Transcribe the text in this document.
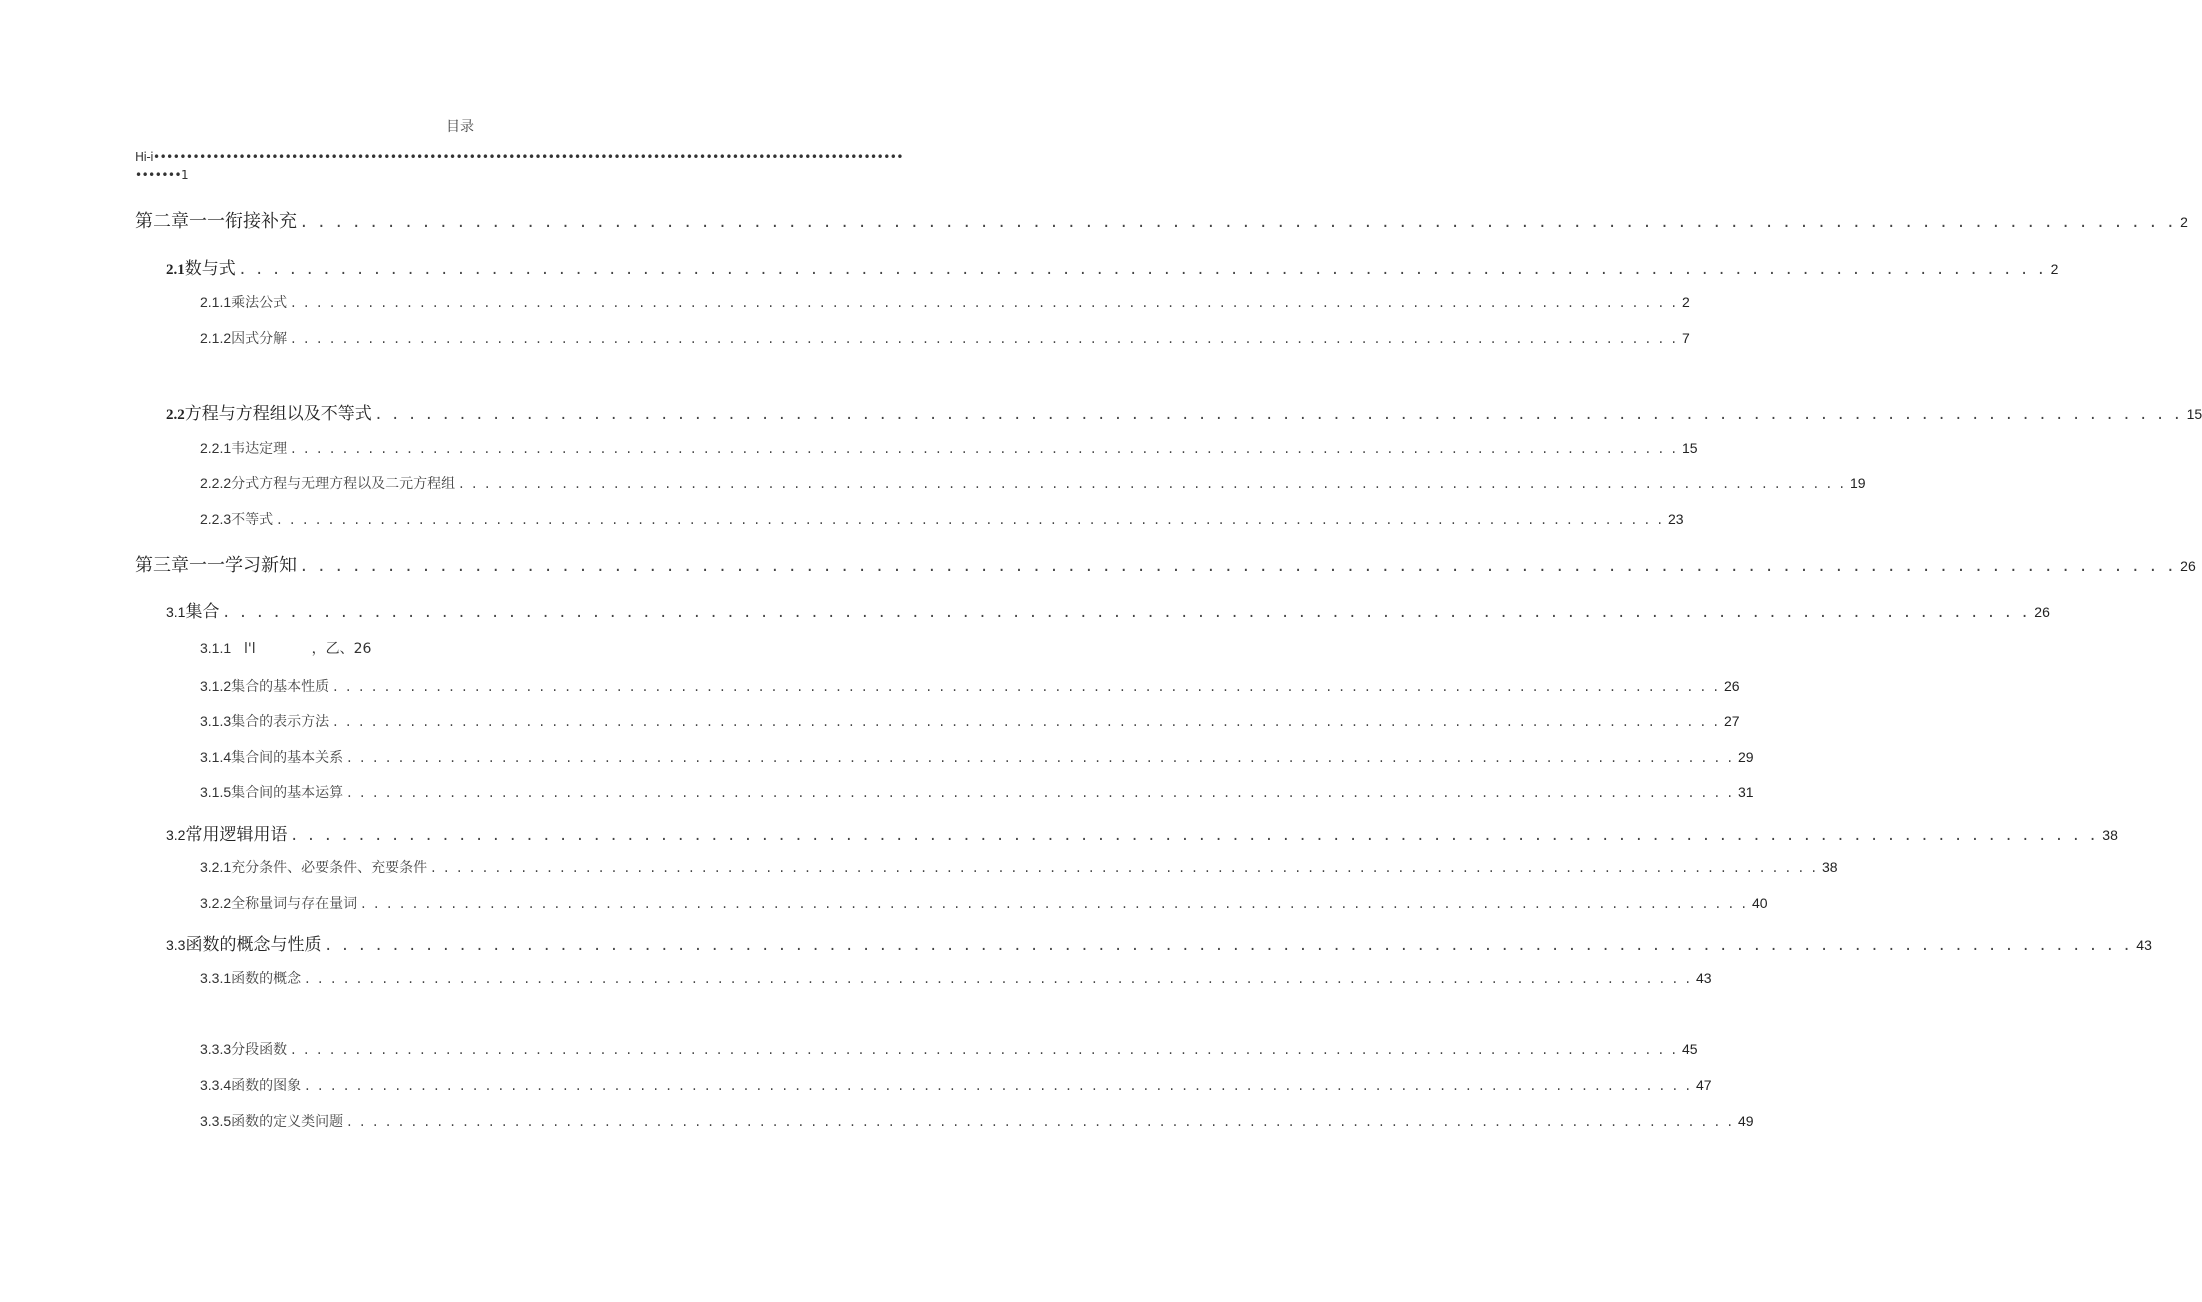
目录
Hi-i••••••••••••••••••••••••••••••••••••••••••••••••••••••••••••••••••••••••••••••••••••••••••••••••••••••••••••••••••
•••••••1
第二章一一衔接补充 . . .	2
2.1 数与式 . . .	2
2.1.1 乘法公式 . . .	2
2.1.2 因式分解 . . .	7
2.2 方程与方程组以及不等式 . . .	15
2.2.1 韦达定理 . . .	15
2.2.2 分式方程与无理方程以及二元方程组 . . .	19
2.2.3 不等式 . . .	23
第三章一一学习新知 . . .	26
3.1 集合 . . .	26
3.1.1 l'l　　　　，乙、26
3.1.2 集合的基本性质 . . .	26
3.1.3 集合的表示方法 . . .	27
3.1.4 集合间的基本关系 . . .	29
3.1.5 集合间的基本运算 . . .	31
3.2 常用逻辑用语 . . .	38
3.2.1 充分条件、必要条件、充要条件 . . .	38
3.2.2 全称量词与存在量词 . . .	40
3.3 函数的概念与性质 . . .	43
3.3.1 函数的概念 . . .	43
3.3.3 分段函数 . . .	45
3.3.4 函数的图象 . . .	47
3.3.5 函数的定义类问题 . . .	49
